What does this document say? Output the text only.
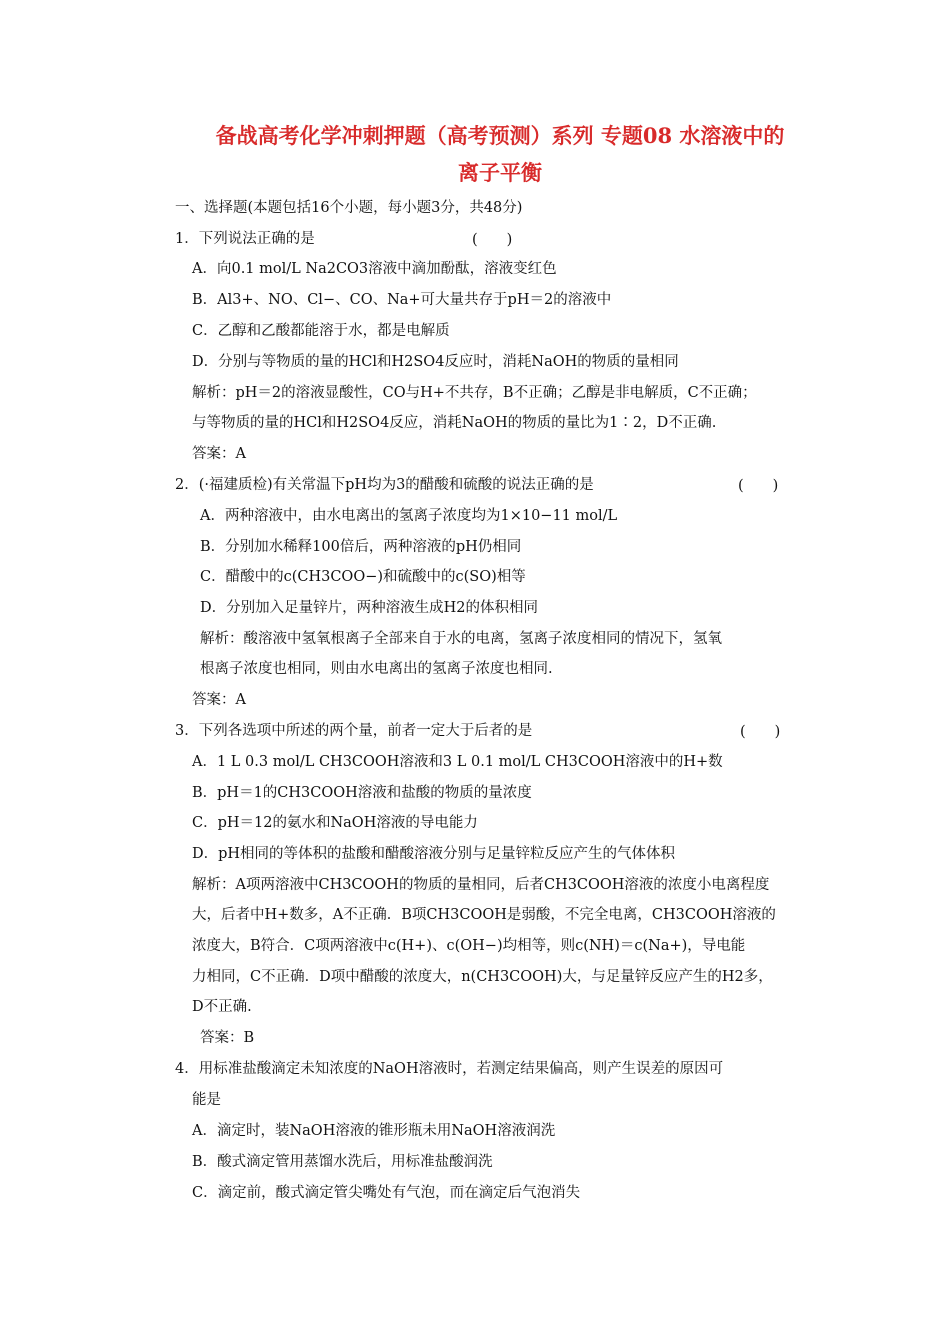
备战高考化学冲刺押题（高考预测）系列 专题08 水溶液中的
离子平衡
一、选择题(本题包括16个小题，每小题3分，共48分)
1．下列说法正确的是	(　　)
A．向0.1 mol/L Na2CO3溶液中滴加酚酞，溶液变红色
B．Al3+、NO、Cl−、CO、Na+可大量共存于pH＝2的溶液中
C．乙醇和乙酸都能溶于水，都是电解质
D．分别与等物质的量的HCl和H2SO4反应时，消耗NaOH的物质的量相同
解析：pH＝2的溶液显酸性，CO与H+不共存，B不正确；乙醇是非电解质，C不正确；
与等物质的量的HCl和H2SO4反应，消耗NaOH的物质的量比为1∶2，D不正确.
答案：A
2．(·福建质检)有关常温下pH均为3的醋酸和硫酸的说法正确的是	(　　)
A．两种溶液中，由水电离出的氢离子浓度均为1×10−11 mol/L
B．分别加水稀释100倍后，两种溶液的pH仍相同
C．醋酸中的c(CH3COO−)和硫酸中的c(SO)相等
D．分别加入足量锌片，两种溶液生成H2的体积相同
解析：酸溶液中氢氧根离子全部来自于水的电离，氢离子浓度相同的情况下，氢氧
根离子浓度也相同，则由水电离出的氢离子浓度也相同.
答案：A
3．下列各选项中所述的两个量，前者一定大于后者的是	(　　)
A．1 L 0.3 mol/L CH3COOH溶液和3 L 0.1 mol/L CH3COOH溶液中的H+数
B．pH＝1的CH3COOH溶液和盐酸的物质的量浓度
C．pH＝12的氨水和NaOH溶液的导电能力
D．pH相同的等体积的盐酸和醋酸溶液分别与足量锌粒反应产生的气体体积
解析：A项两溶液中CH3COOH的物质的量相同，后者CH3COOH溶液的浓度小电离程度
大，后者中H+数多，A不正确．B项CH3COOH是弱酸，不完全电离，CH3COOH溶液的
浓度大，B符合．C项两溶液中c(H+)、c(OH−)均相等，则c(NH)＝c(Na+)，导电能
力相同，C不正确．D项中醋酸的浓度大，n(CH3COOH)大，与足量锌反应产生的H2多，
D不正确.
答案：B
4．用标准盐酸滴定未知浓度的NaOH溶液时，若测定结果偏高，则产生误差的原因可
能是
A．滴定时，装NaOH溶液的锥形瓶未用NaOH溶液润洗
B．酸式滴定管用蒸馏水洗后，用标准盐酸润洗
C．滴定前，酸式滴定管尖嘴处有气泡，而在滴定后气泡消失
